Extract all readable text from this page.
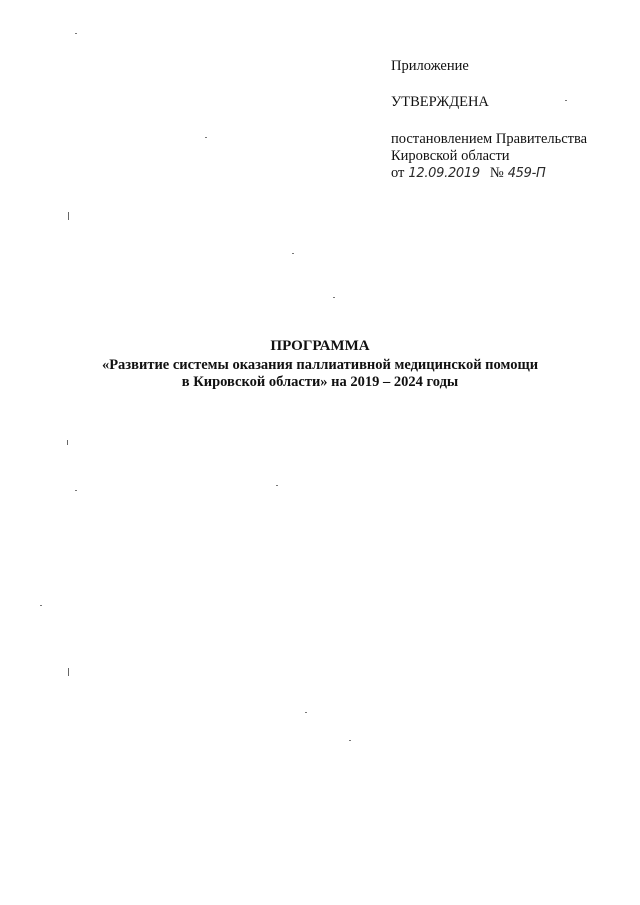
Приложение
УТВЕРЖДЕНА
постановлением Правительства
Кировской области
от 12.09.2019 № 459-П
ПРОГРАММА
«Развитие системы оказания паллиативной медицинской помощи
в Кировской области» на 2019 – 2024 годы
